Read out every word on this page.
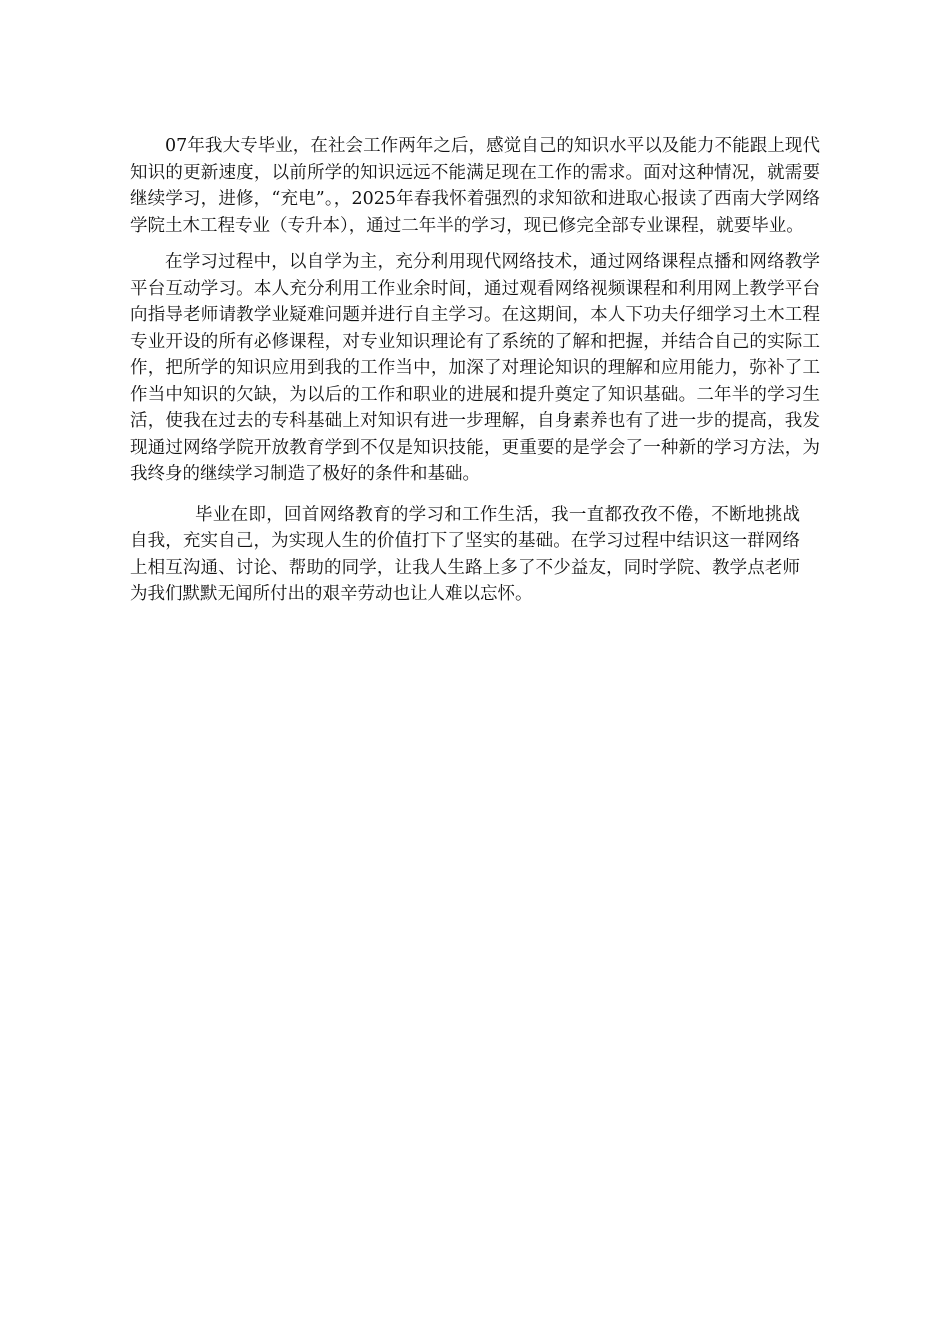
07年我大专毕业，在社会工作两年之后，感觉自己的知识水平以及能力不能跟上现代知识的更新速度，以前所学的知识远远不能满足现在工作的需求。面对这种情况，就需要继续学习，进修，“充电”。，2025年春我怀着强烈的求知欲和进取心报读了西南大学网络学院土木工程专业（专升本），通过二年半的学习，现已修完全部专业课程，就要毕业。

在学习过程中，以自学为主，充分利用现代网络技术，通过网络课程点播和网络教学平台互动学习。本人充分利用工作业余时间，通过观看网络视频课程和利用网上教学平台向指导老师请教学业疑难问题并进行自主学习。在这期间，本人下功夫仔细学习土木工程专业开设的所有必修课程，对专业知识理论有了系统的了解和把握，并结合自己的实际工作，把所学的知识应用到我的工作当中，加深了对理论知识的理解和应用能力，弥补了工作当中知识的欠缺，为以后的工作和职业的进展和提升奠定了知识基础。二年半的学习生活，使我在过去的专科基础上对知识有进一步理解，自身素养也有了进一步的提高，我发现通过网络学院开放教育学到不仅是知识技能，更重要的是学会了一种新的学习方法，为我终身的继续学习制造了极好的条件和基础。

毕业在即，回首网络教育的学习和工作生活，我一直都孜孜不倦，不断地挑战自我，充实自己，为实现人生的价值打下了坚实的基础。在学习过程中结识这一群网络上相互沟通、讨论、帮助的同学，让我人生路上多了不少益友，同时学院、教学点老师为我们默默无闻所付出的艰辛劳动也让人难以忘怀。
